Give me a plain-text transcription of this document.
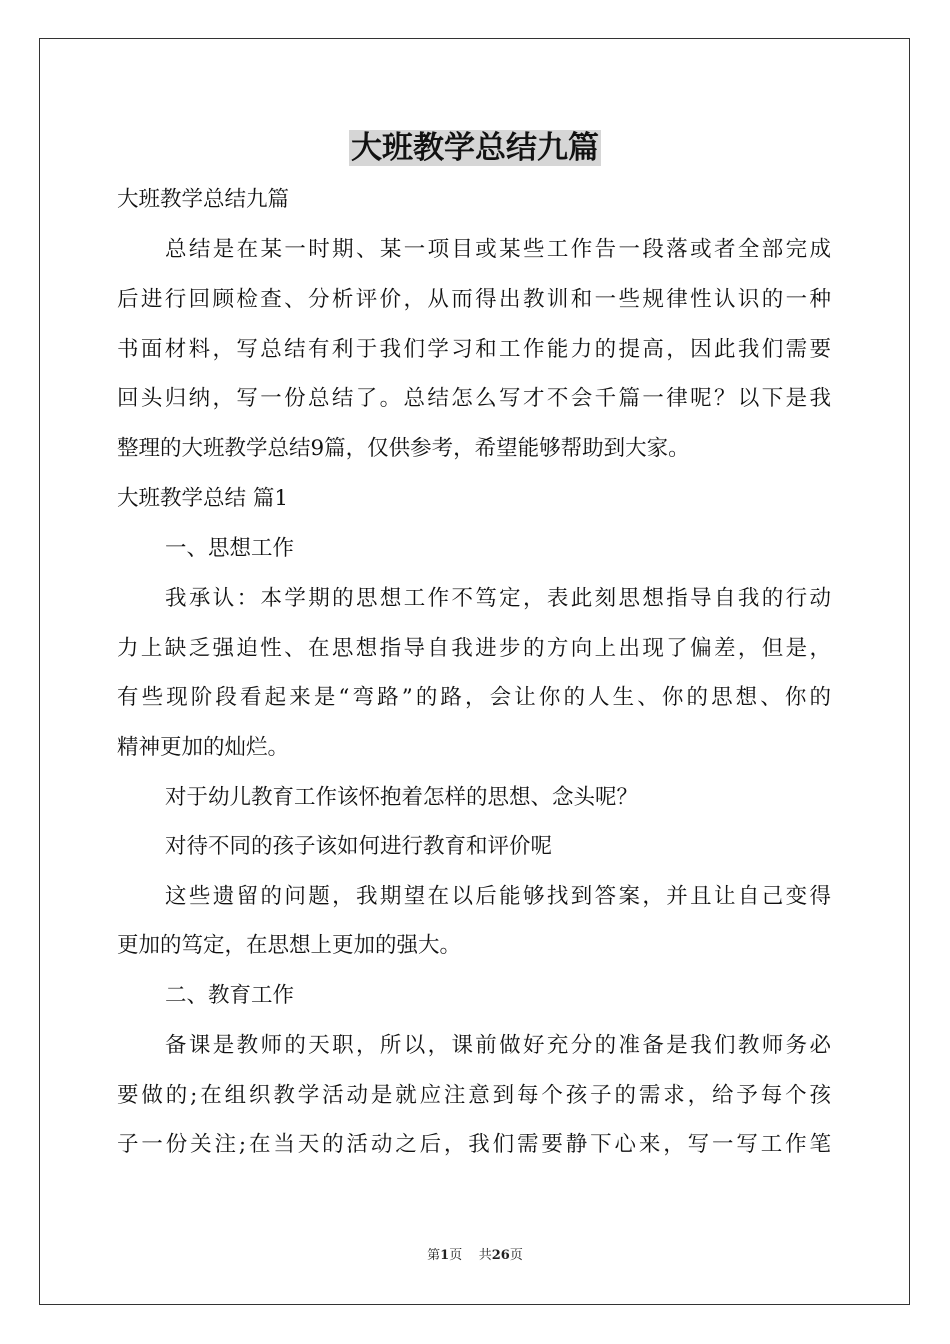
大班教学总结九篇
大班教学总结九篇
总结是在某一时期、某一项目或某些工作告一段落或者全部完成
后进行回顾检查、分析评价，从而得出教训和一些规律性认识的一种
书面材料，写总结有利于我们学习和工作能力的提高，因此我们需要
回头归纳，写一份总结了。总结怎么写才不会千篇一律呢？以下是我
整理的大班教学总结9篇，仅供参考，希望能够帮助到大家。
大班教学总结 篇1
一、思想工作
我承认：本学期的思想工作不笃定，表此刻思想指导自我的行动
力上缺乏强迫性、在思想指导自我进步的方向上出现了偏差，但是，
有些现阶段看起来是“弯路”的路，会让你的人生、你的思想、你的
精神更加的灿烂。
对于幼儿教育工作该怀抱着怎样的思想、念头呢？
对待不同的孩子该如何进行教育和评价呢
这些遗留的问题，我期望在以后能够找到答案，并且让自己变得
更加的笃定，在思想上更加的强大。
二、教育工作
备课是教师的天职，所以，课前做好充分的准备是我们教师务必
要做的;在组织教学活动是就应注意到每个孩子的需求，给予每个孩
子一份关注;在当天的活动之后，我们需要静下心来，写一写工作笔
第1页    共26页
